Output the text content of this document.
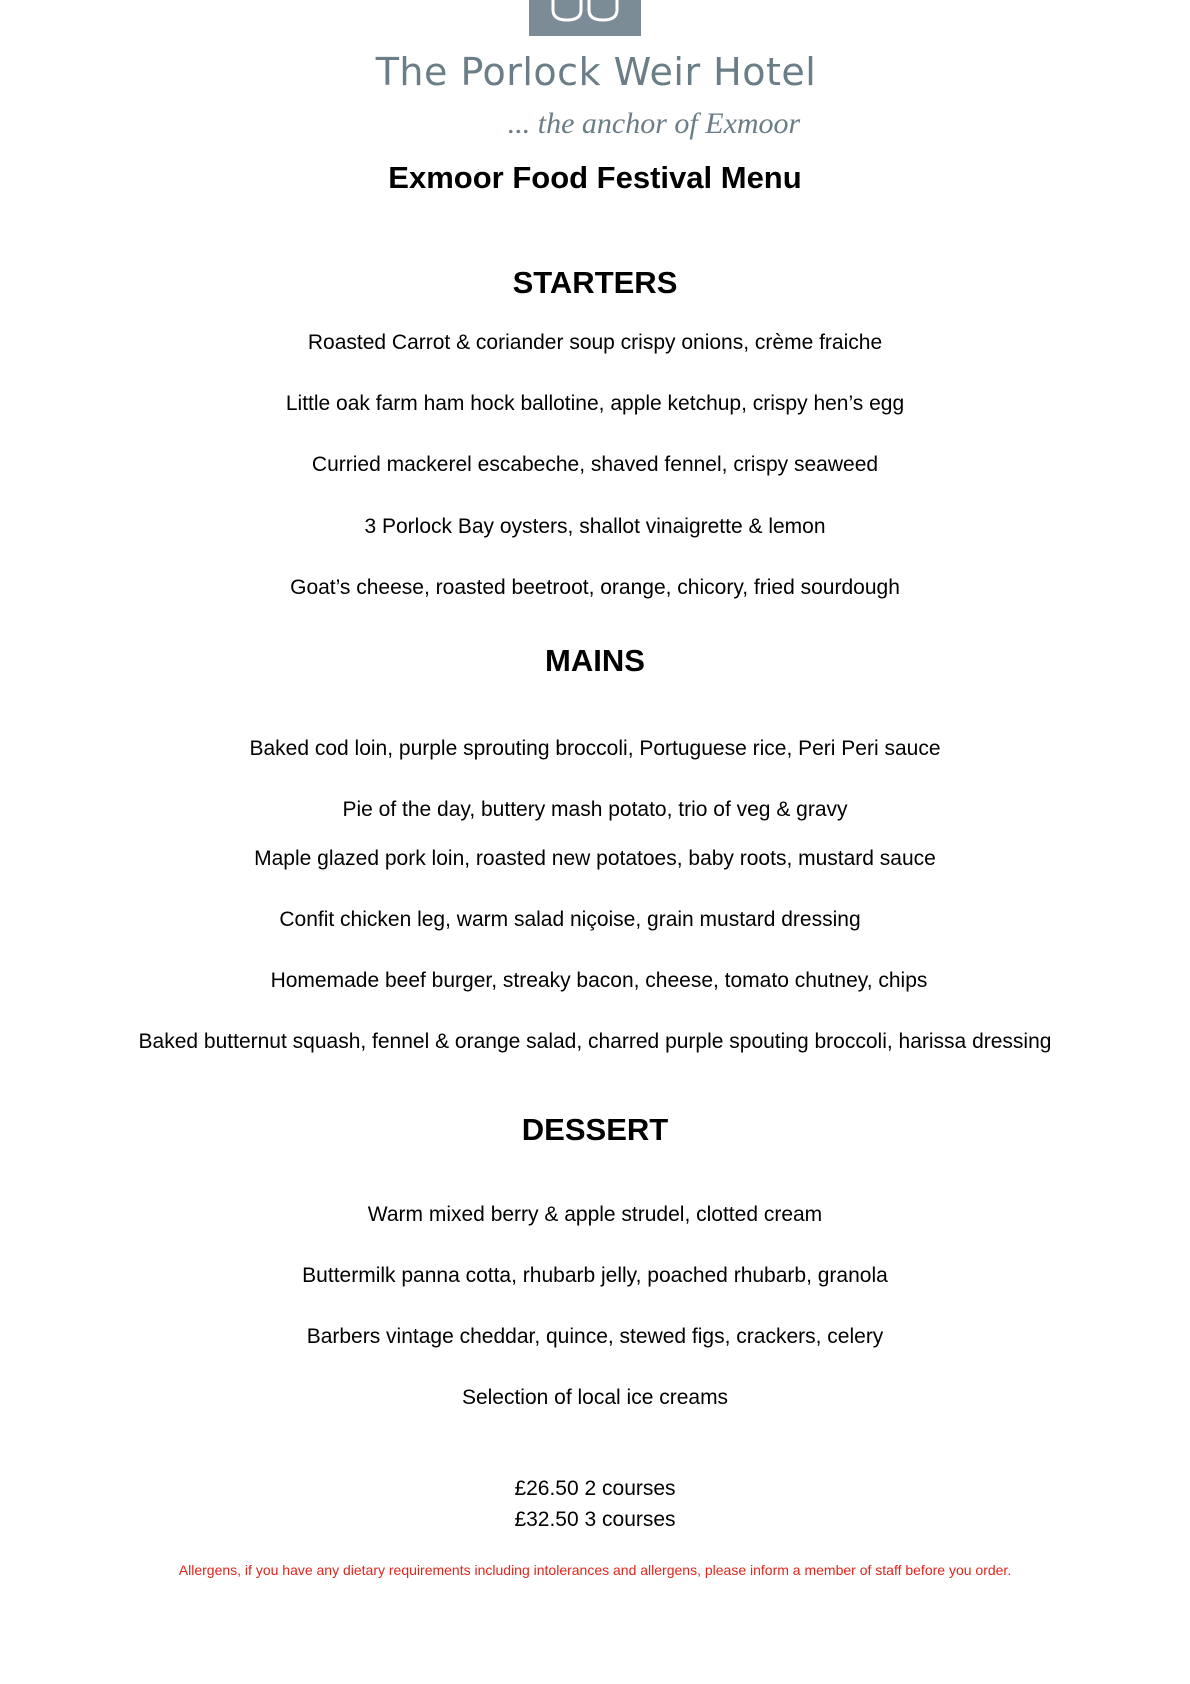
The Porlock Weir Hotel
... the anchor of Exmoor
Exmoor Food Festival Menu
STARTERS
Roasted Carrot & coriander soup crispy onions, crème fraiche
Little oak farm ham hock ballotine, apple ketchup, crispy hen’s egg
Curried mackerel escabeche, shaved fennel, crispy seaweed
3 Porlock Bay oysters, shallot vinaigrette & lemon
Goat’s cheese, roasted beetroot, orange, chicory, fried sourdough
MAINS
Baked cod loin, purple sprouting broccoli, Portuguese rice, Peri Peri sauce
Pie of the day, buttery mash potato, trio of veg & gravy
Maple glazed pork loin, roasted new potatoes, baby roots, mustard sauce
Confit chicken leg, warm salad niçoise, grain mustard dressing
Homemade beef burger, streaky bacon, cheese, tomato chutney, chips
Baked butternut squash, fennel & orange salad, charred purple spouting broccoli, harissa dressing
DESSERT
Warm mixed berry & apple strudel, clotted cream
Buttermilk panna cotta, rhubarb jelly, poached rhubarb, granola
Barbers vintage cheddar, quince, stewed figs, crackers, celery
Selection of local ice creams
£26.50 2 courses
£32.50 3 courses
Allergens, if you have any dietary requirements including intolerances and allergens, please inform a member of staff before you order.
